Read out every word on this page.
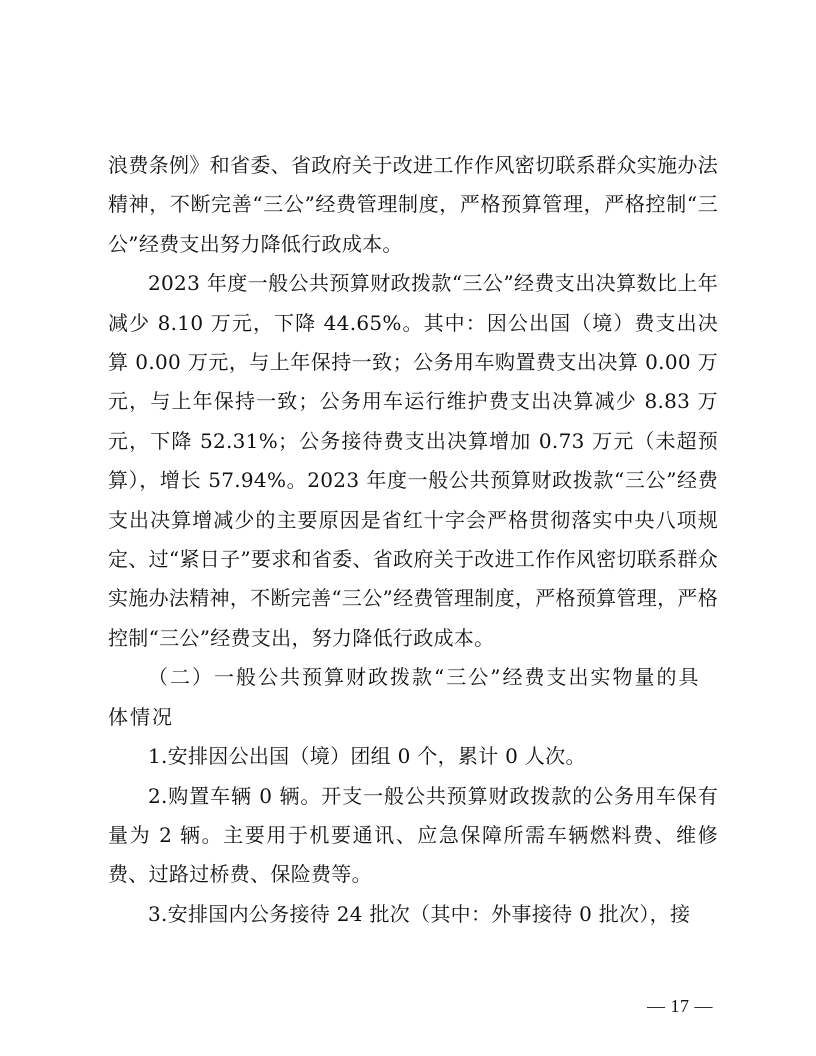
浪费条例》和省委、省政府关于改进工作作风密切联系群众实施办法精神，不断完善“三公”经费管理制度，严格预算管理，严格控制“三公”经费支出努力降低行政成本。

2023 年度一般公共预算财政拨款“三公”经费支出决算数比上年减少 8.10 万元，下降 44.65%。其中：因公出国（境）费支出决算 0.00 万元，与上年保持一致；公务用车购置费支出决算 0.00 万元，与上年保持一致；公务用车运行维护费支出决算减少 8.83 万元，下降 52.31%；公务接待费支出决算增加 0.73 万元（未超预算），增长 57.94%。2023 年度一般公共预算财政拨款“三公”经费支出决算增减少的主要原因是省红十字会严格贯彻落实中央八项规定、过“紧日子”要求和省委、省政府关于改进工作作风密切联系群众实施办法精神，不断完善“三公”经费管理制度，严格预算管理，严格控制“三公”经费支出，努力降低行政成本。

（二）一般公共预算财政拨款“三公”经费支出实物量的具体情况

1.安排因公出国（境）团组 0 个，累计 0 人次。

2.购置车辆 0 辆。开支一般公共预算财政拨款的公务用车保有量为 2 辆。主要用于机要通讯、应急保障所需车辆燃料费、维修费、过路过桥费、保险费等。

3.安排国内公务接待 24 批次（其中：外事接待 0 批次），接

— 17 —
